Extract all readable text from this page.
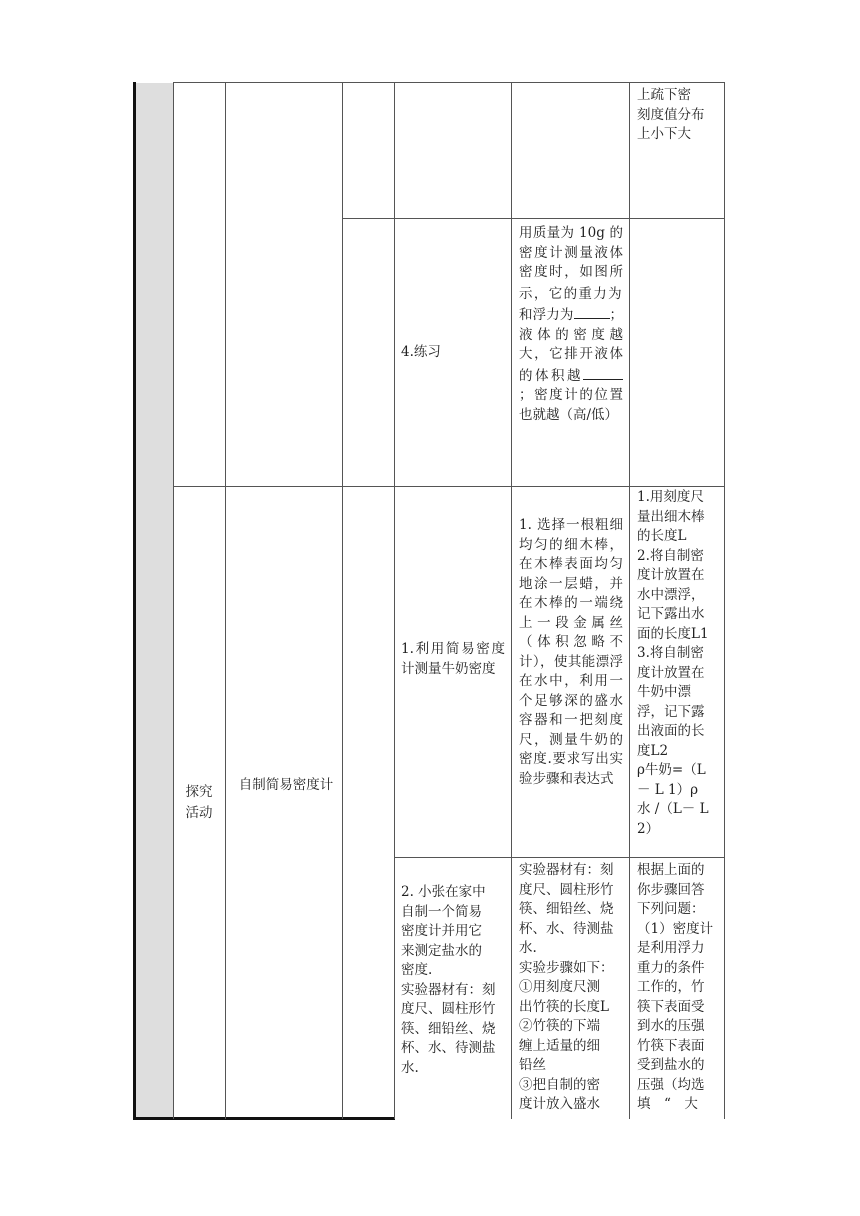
上疏下密
刻度值分布
上小下大
4.练习
用质量为 10g 的密度计测量液体密度时，如图所示，它的重力为和浮力为	；液体的密度越大，它排开液体的体积越；密度计的位置也就越（高/低）
探究活动
自制简易密度计
1.利用简易密度计测量牛奶密度
1. 选择一根粗细均匀的细木棒，在木棒表面均匀地涂一层蜡，并在木棒的一端绕上一段金属丝（体积忽略不计），使其能漂浮在水中，利用一个足够深的盛水容器和一把刻度尺，测量牛奶的密度.要求写出实验步骤和表达式
1.用刻度尺
量出细木棒
的长度L
2.将自制密
度计放置在
水中漂浮，
记下露出水
面的长度L1
3.将自制密
度计放置在
牛奶中漂
浮，记下露
出液面的长
度L2
ρ牛奶=（L
－ L 1）ρ
水 /（L－ L
2）
2. 小张在家中
自制一个简易
密度计并用它
来测定盐水的
密度.
实验器材有：刻
度尺、圆柱形竹
筷、细铅丝、烧
杯、水、待测盐
水.
实验器材有：刻
度尺、圆柱形竹
筷、细铅丝、烧
杯、水、待测盐
水.
实验步骤如下：
①用刻度尺测
出竹筷的长度L
②竹筷的下端
缠上适量的细
铅丝
③把自制的密
度计放入盛水
根据上面的
你步骤回答
下列问题：
（1）密度计
是利用浮力
重力的条件
工作的，竹
筷下表面受
到水的压强
竹筷下表面
受到盐水的
压强（均选
填　“　大
